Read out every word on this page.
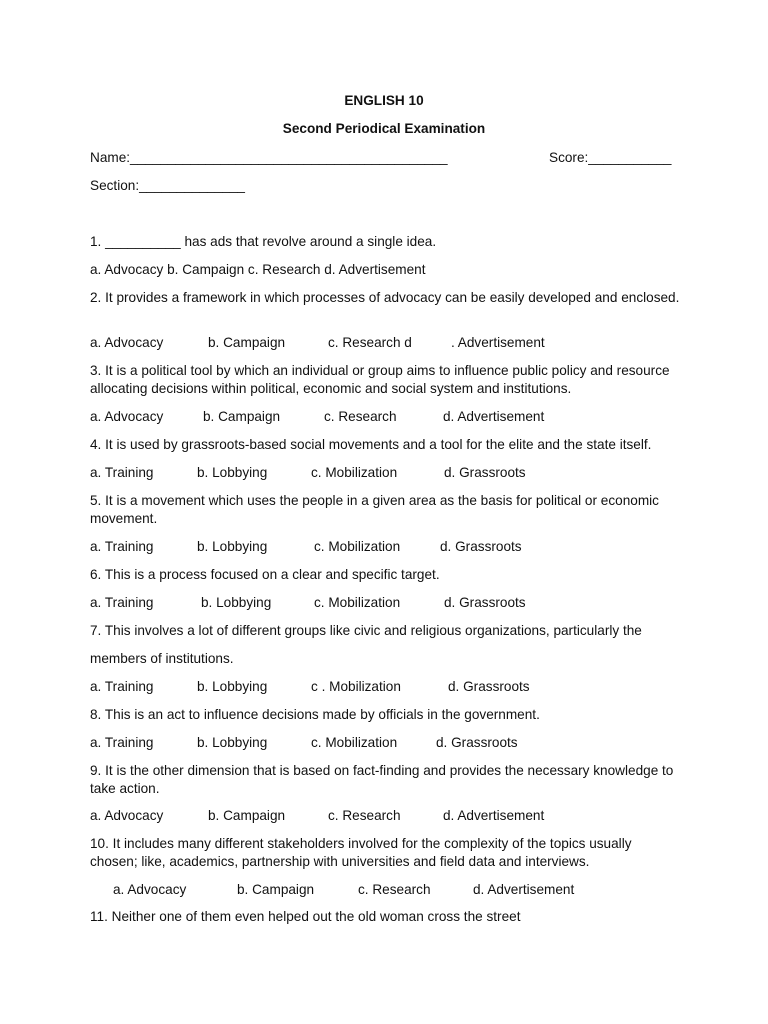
ENGLISH 10
Second Periodical Examination
Name:__________________________________________	Score:___________
Section:______________
1. __________ has ads that revolve around a single idea.
a. Advocacy b. Campaign c. Research d. Advertisement
2. It provides a framework in which processes of advocacy can be easily developed and enclosed.
a. Advocacy	b. Campaign	c. Research d	. Advertisement
3. It is a political tool by which an individual or group aims to influence public policy and resource allocating decisions within political, economic and social system and institutions.
a. Advocacy	b. Campaign	c. Research	d. Advertisement
4. It is used by grassroots-based social movements and a tool for the elite and the state itself.
a. Training	b. Lobbying	c. Mobilization	d. Grassroots
5. It is a movement which uses the people in a given area as the basis for political or economic movement.
a. Training	b. Lobbying	c. Mobilization	d. Grassroots
6. This is a process focused on a clear and specific target.
a. Training	b. Lobbying	c. Mobilization	d. Grassroots
7. This involves a lot of different groups like civic and religious organizations, particularly the
members of institutions.
a. Training	b. Lobbying	c . Mobilization	d. Grassroots
8. This is an act to influence decisions made by officials in the government.
a. Training	b. Lobbying	c. Mobilization	d. Grassroots
9. It is the other dimension that is based on fact-finding and provides the necessary knowledge to take action.
a. Advocacy	b. Campaign	c. Research	d. Advertisement
10. It includes many different stakeholders involved for the complexity of the topics usually chosen; like, academics, partnership with universities and field data and interviews.
a. Advocacy	b. Campaign	c. Research	d. Advertisement
11. Neither one of them even helped out the old woman cross the street
